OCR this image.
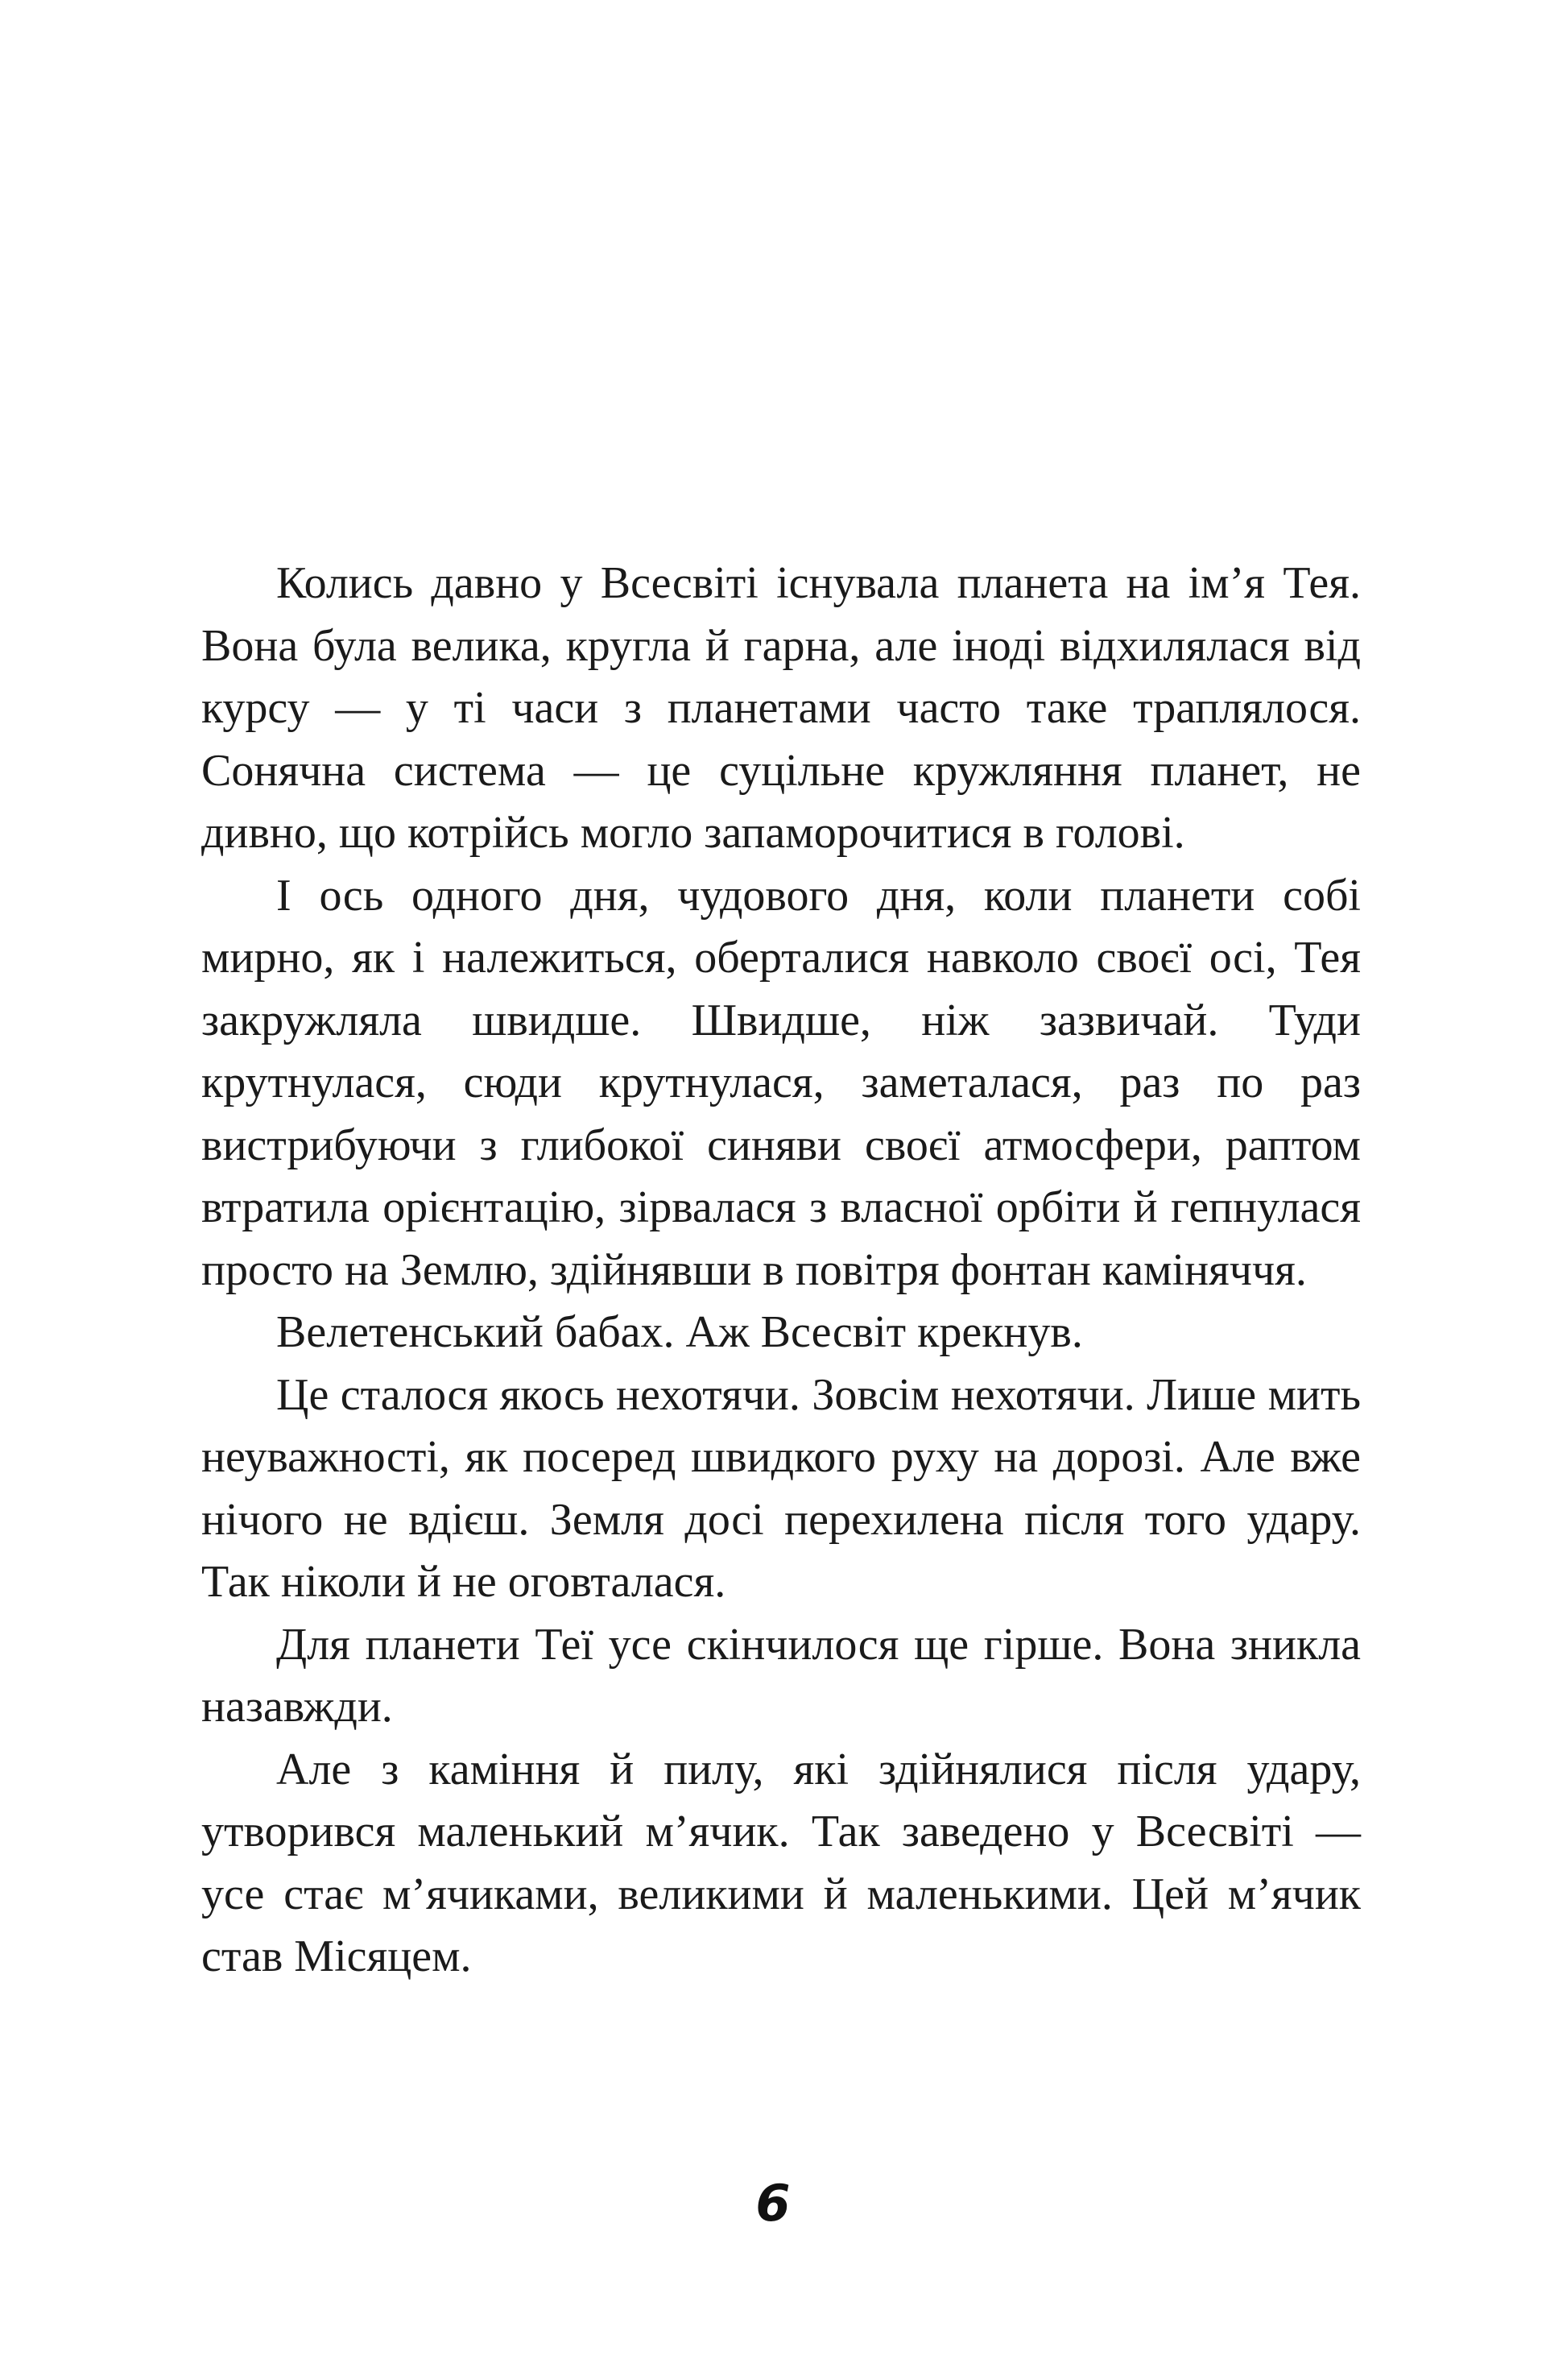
Колись давно у Всесвіті існувала планета на ім’я Тея. Вона була велика, кругла й гарна, але іноді відхилялася від курсу — у ті часи з планетами часто таке траплялося. Сонячна система — це суцільне кружляння планет, не дивно, що котрійсь могло запаморочитися в голові.

І ось одного дня, чудового дня, коли планети собі мирно, як і належиться, оберталися навколо своєї осі, Тея закружляла швидше. Швидше, ніж зазвичай. Туди крутнулася, сюди крутнулася, заметалася, раз по раз вистрибуючи з глибокої синяви своєї атмосфери, раптом втратила орієнтацію, зірвалася з власної орбіти й гепнулася просто на Землю, здійнявши в повітря фонтан каміняччя.

Велетенський бабах. Аж Всесвіт крекнув.

Це сталося якось нехотячи. Зовсім нехотячи. Лише мить неуважності, як посеред швидкого руху на дорозі. Але вже нічого не вдієш. Земля досі перехилена після того удару. Так ніколи й не оговталася.

Для планети Теї усе скінчилося ще гірше. Вона зникла назавжди.

Але з каміння й пилу, які здійнялися після удару, утворився маленький м’ячик. Так заведено у Всесвіті — усе стає м’ячиками, великими й маленькими. Цей м’ячик став Місяцем.

6
